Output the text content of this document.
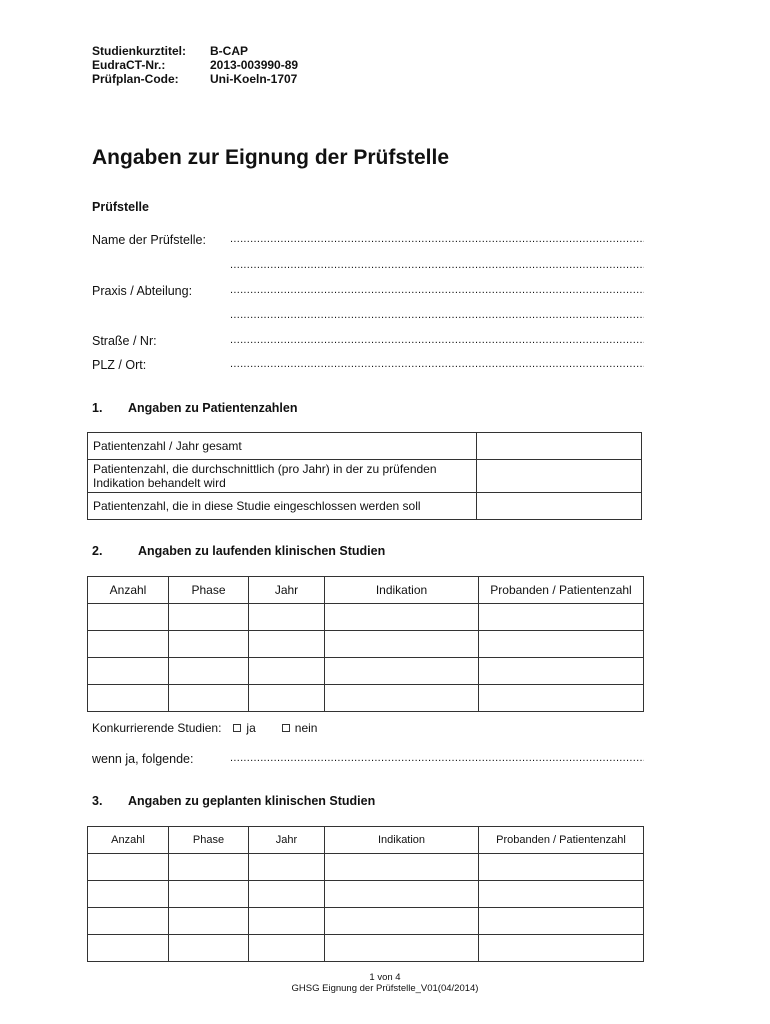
Studienkurztitel:	B-CAP
EudraCT-Nr.:	2013-003990-89
Prüfplan-Code:	Uni-Koeln-1707
Angaben zur Eignung der Prüfstelle
Prüfstelle
Name der Prüfstelle:
.....
.....
Praxis / Abteilung:
.....
.....
Straße / Nr:
.....
PLZ / Ort:
.....
1.	Angaben zu Patientenzahlen
Patientenzahl / Jahr gesamt	
Patientenzahl, die durchschnittlich (pro Jahr) in der zu prüfenden Indikation behandelt wird	
Patientenzahl, die in diese Studie eingeschlossen werden soll	
2.	Angaben zu laufenden klinischen Studien
Anzahl	Phase	Jahr	Indikation	Probanden / Patientenzahl

Konkurrierende Studien: ja	nein
wenn ja, folgende:
.....
3.	Angaben zu geplanten klinischen Studien
Anzahl	Phase	Jahr	Indikation	Probanden / Patientenzahl

1 von 4
GHSG Eignung der Prüfstelle_V01(04/2014)
